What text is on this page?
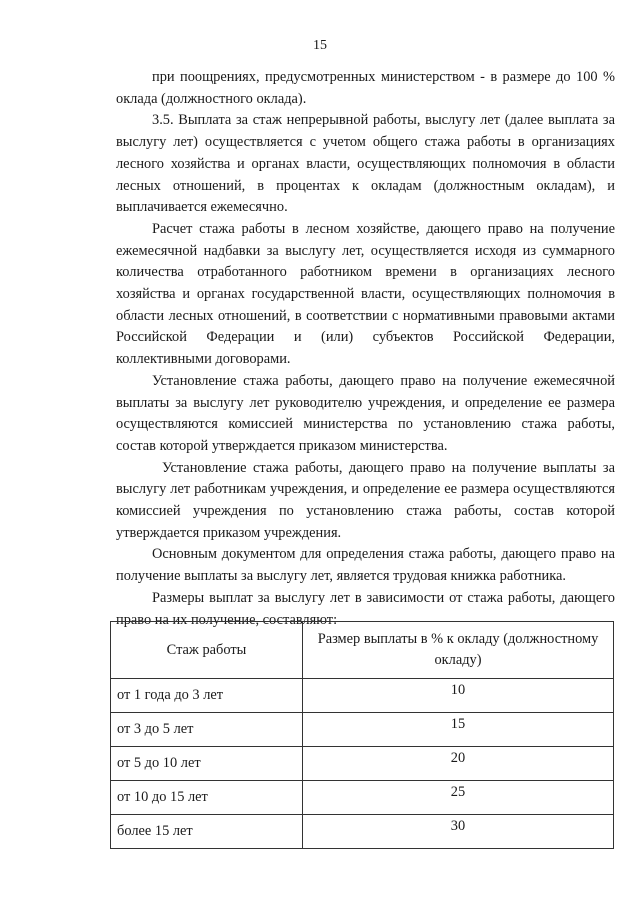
15

при поощрениях, предусмотренных министерством - в размере до 100 % оклада (должностного оклада).

3.5. Выплата за стаж непрерывной работы, выслугу лет (далее выплата за выслугу лет) осуществляется с учетом общего стажа работы в организациях лесного хозяйства и органах власти, осуществляющих полномочия в области лесных отношений, в процентах к окладам (должностным окладам), и выплачивается ежемесячно.

Расчет стажа работы в лесном хозяйстве, дающего право на получение ежемесячной надбавки за выслугу лет, осуществляется исходя из суммарного количества отработанного работником времени в организациях лесного хозяйства и органах государственной власти, осуществляющих полномочия в области лесных отношений, в соответствии с нормативными правовыми актами Российской Федерации и (или) субъектов Российской Федерации, коллективными договорами.

Установление стажа работы, дающего право на получение ежемесячной выплаты за выслугу лет руководителю учреждения, и определение ее размера осуществляются комиссией министерства по установлению стажа работы, состав которой утверждается приказом министерства.

Установление стажа работы, дающего право на получение выплаты за выслугу лет работникам учреждения, и определение ее размера осуществляются комиссией учреждения по установлению стажа работы, состав которой утверждается приказом учреждения.

Основным документом для определения стажа работы, дающего право на получение выплаты за выслугу лет, является трудовая книжка работника.

Размеры выплат за выслугу лет в зависимости от стажа работы, дающего право на их получение, составляют:

Стаж работы	Размер выплаты в % к окладу (должностному окладу)
от 1 года до 3 лет	10
от 3 до 5 лет	15
от 5 до 10 лет	20
от 10 до 15 лет	25
более 15 лет	30
